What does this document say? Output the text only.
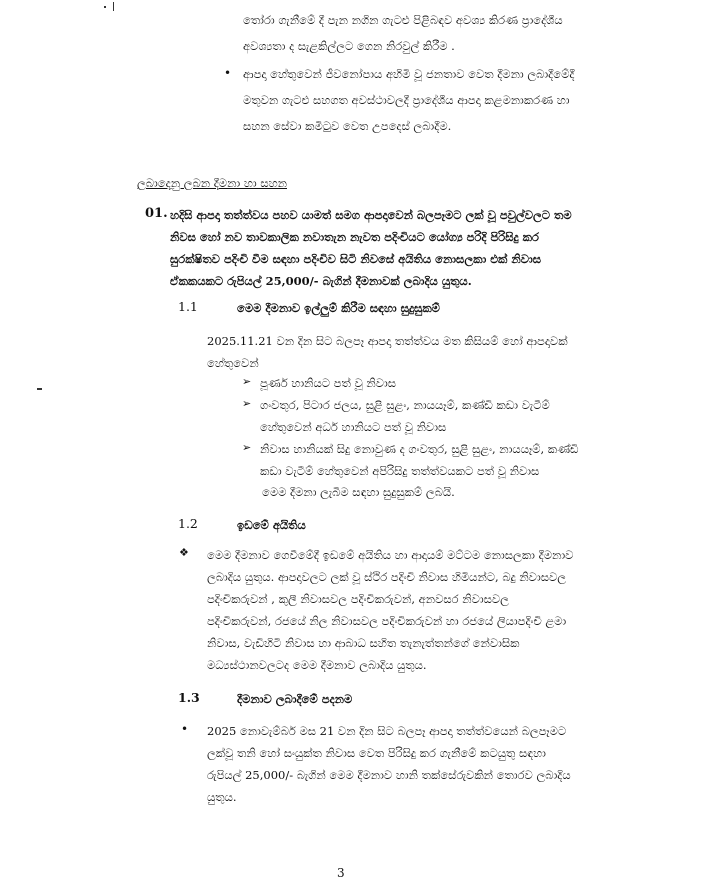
තෝරා ගැනීමේ දී පැන නගින ගැටළු පිළිබඳව අවශ්‍ය කිරණ ප්‍රාදේශීය
අවශ්‍යතා ද සැළකිල්ලට ගෙන නිරවුල් කිරීම .
• ආපදා හේතුවෙන් ජීවනෝපාය අහිමි වූ ජනතාව වෙත දීමනා ලබාදීමේදී
මතුවන ගැටළු සහගත අවස්ථාවලදී ප්‍රාදේශීය ආපදා කළමනාකරණ හා
සහන සේවා කමිටුව වෙත උපදෙස් ලබාදීම.
ලබාදෙනු ලබන දීමනා හා සහන
01. හදිසි ආපදා තත්ත්වය පහව යාමත් සමග ආපදාවෙන් බලපෑමට ලක් වූ පවුල්වලට තම
නිවස හෝ නව තාවකාලික නවාතැන නැවත පදිංචියට යෝග්‍ය පරිදි පිරිසිදු කර
සුරක්ෂිතව පදිංචි වීම සඳහා පදිංචිව සිටි නිවසේ අයිතිය නොසලකා එක් නිවාස
ඒකකයකට රුපියල් 25,000/- බැගින් දීමනාවක් ලබාදිය යුතුය.
1.1	මෙම දීමනාව ඉල්ලුම් කිරීම සඳහා සුදුසුකම්
2025.11.21 වන දින සිට බලපෑ ආපදා තත්ත්වය මත කිසියම් හෝ ආපදාවක්
හේතුවෙන්
➢ පූර්ණ හානියට පත් වූ නිවාස
➢ ගංවතුර, පිටාර ජලය, සුළි සුළං, නායයෑම්, කණ්ඩි කඩා වැටීම්
හේතුවෙන් අර්ධ හානියට පත් වූ නිවාස
➢ නිවාස හානියක් සිදු නොවුණ ද ගංවතුර, සුළි සුළං, නායයෑම්, කණ්ඩි
කඩා වැටීම් හේතුවෙන් අපිරිසිදු තත්ත්වයකට පත් වූ නිවාස
මෙම දීමනා ලැබීම සඳහා සුදුසුකම් ලබයි.
1.2	ඉඩමේ අයිතිය
❖ මෙම දීමනාව ගෙවීමේදී ඉඩමේ අයිතිය හා ආදායම් මට්ටම නොසලකා දීමනාව
ලබාදිය යුතුය. ආපදාවලට ලක් වූ ස්ථිර පදිංචි නිවාස හිමියන්ට, බදු නිවාසවල
පදිංචිකරුවන් , කුලී නිවාසවල පදිංචිකරුවන්, අනවසර නිවාසවල
පදිංචිකරුවන්, රජයේ නිල නිවාසවල පදිංචිකරුවන් හා රජයේ ලියාපදිංචි ළමා
නිවාස, වැඩිහිටි නිවාස හා ආබාධ සහිත තැනැත්තන්ගේ නේවාසික
මධ්‍යස්ථානවලටද මෙම දීමනාව ලබාදිය යුතුය.
1.3	දීමනාව ලබාදීමේ පදනම
• 2025 නොවැම්බර් මස 21 වන දින සිට බලපෑ ආපදා තත්ත්වයෙන් බලපෑමට
ලක්වූ තනි හෝ සංයුක්ත නිවාස වෙත පිරිසිදු කර ගැනීමේ කටයුතු සඳහා
රුපියල් 25,000/- බැගින් මෙම දීමනාව හානි තක්සේරුවකින් තොරව ලබාදිය
යුතුය.
3
